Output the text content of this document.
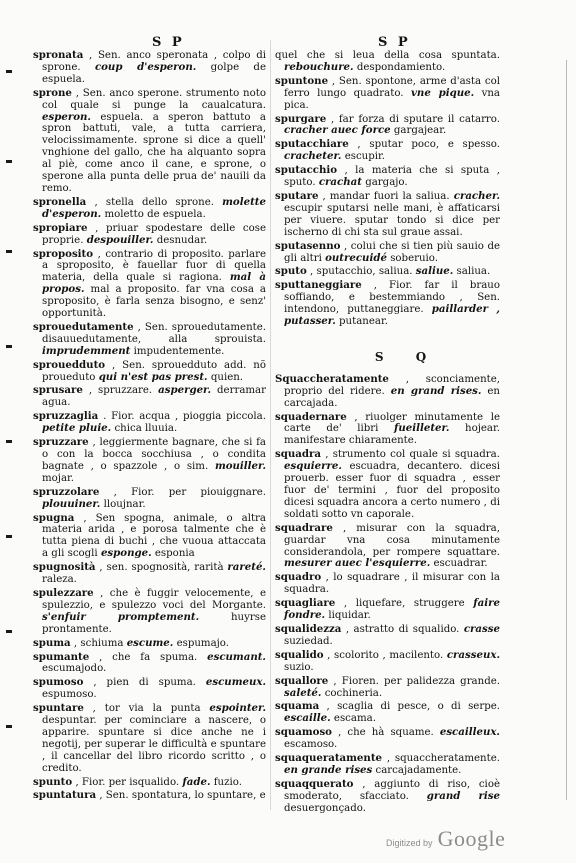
S P	S P

spronata , Sen. anco speronata , colpo di sprone. coup d'esperon. golpe de espuela.

sprone , Sen. anco sperone. strumento noto col quale si punge la caualcatura. esperon. espuela. a speron battuto a spron battuti, vale, a tutta carriera, velocissimamente. sprone si dice a quell' vnghione del gallo, che ha alquanto sopra al piè, come anco il cane, e sprone, o sperone alla punta delle prua de' nauili da remo.

spronella , stella dello sprone. molette d'esperon. moletto de espuela.

spropiare , priuar spodestare delle cose proprie. despouiller. desnudar.

sproposito , contrario di proposito. parlare a sproposito, è fauellar fuor di quella materia, della quale si ragiona. mal à propos. mal a proposito. far vna cosa a sproposito, è farla senza bisogno, e senz' opportunità.

sprouedutamente , Sen. sprouedutamente. disauuedutamente, alla sprouista. imprudemment impudentemente.

sprouedduto , Sen. sprouedduto add. nõ proueduto qui n'est pas prest. quien.

sprusare , spruzzare. asperger. derramar agua.

spruzzaglia . Fior. acqua , pioggia piccola. petite pluie. chica lluuia.

spruzzare , leggiermente bagnare, che si fa o con la bocca socchiusa , o condita bagnate , o spazzole , o sim. mouiller. mojar.

spruzzolare , Fior. per piouiggnare. plouuiner. lloujnar.

spugna , Sen spogna, animale, o altra materia arida , e porosa talmente che è tutta piena di buchi , che vuoua attaccata a gli scogli esponge. esponia

spugnosità , sen. spognosità, rarità rareté. raleza.

spulezzare , che è fuggir velocemente, e spulezzio, e spulezzo voci del Morgante. s'enfuir promptement.	huyrse prontamente.

spuma , schiuma escume. espumajo.

spumante , che fa spuma. escumant. escumajodo.

spumoso , pien di spuma. escumeux. espumoso.

spuntare , tor via la punta espointer. despuntar. per cominciare a nascere, o apparire. spuntare si dice anche ne i negotij, per superar le difficultà e spuntare , il cancellar del libro ricordo scritto , o credito.

spunto , Fior. per isqualido. fade. fuzio.

spuntatura , Sen. spontatura, lo spuntare, e

quel che si leua della cosa spuntata. rebouchure. despondamiento.

spuntone , Sen. spontone, arme d'asta col ferro lungo quadrato. vne pique. vna pica.

spurgare , far forza di sputare il catarro. cracher auec force gargajear.

sputacchiare , sputar poco, e spesso. cracheter. escupir.

sputacchio , la materia che si sputa , sputo. crachat gargajo.

sputare , mandar fuori la saliua. cracher. escupir sputarsi nelle mani, è affaticarsi per viuere. sputar tondo si dice per ischerno di chi sta sul graue assai.

sputasenno , colui che si tien più sauio de gli altri outrecuidé soberuio.

sputo , sputacchio, saliua. saliue. saliua.

sputtaneggiare , Fior. far il brauo soffiando, e bestemmiando , Sen. intendono, puttaneggiare. paillarder , putasser. putanear.

S Q

Squaccheratamente , sconciamente, proprio del ridere. en grand rises. en carcajada.

squadernare , riuolger minutamente le carte de' libri fueilleter. hojear. manifestare chiaramente.

squadra , strumento col quale si squadra. esquierre. escuadra, decantero. dicesi prouerb. esser fuor di squadra , esser fuor de' termini , fuor del proposito dicesi squadra ancora a certo numero , di soldati sotto vn caporale.

squadrare , misurar con la squadra, guardar vna cosa minutamente considerandola, per rompere squattare. mesurer auec l'esquierre. escuadrar.

squadro , lo squadrare , il misurar con la squadra.

squagliare , liquefare, struggere faire fondre. liquidar.

squalidezza , astratto di squalido. crasse suziedad.

squalido , scolorito , macilento. crasseux. suzio.

squallore , Fioren. per palidezza grande. saleté. cochineria.

squama , scaglia di pesce, o di serpe. escaille. escama.

squamoso , che hà squame. escailleux. escamoso.

squaqueratamente , squaccheratamente. en grande rises carcajadamente.

squaqquerato , aggiunto di riso, cioè smoderato, sfacciato. grand rise desuergonçado.

Digitized by Google
